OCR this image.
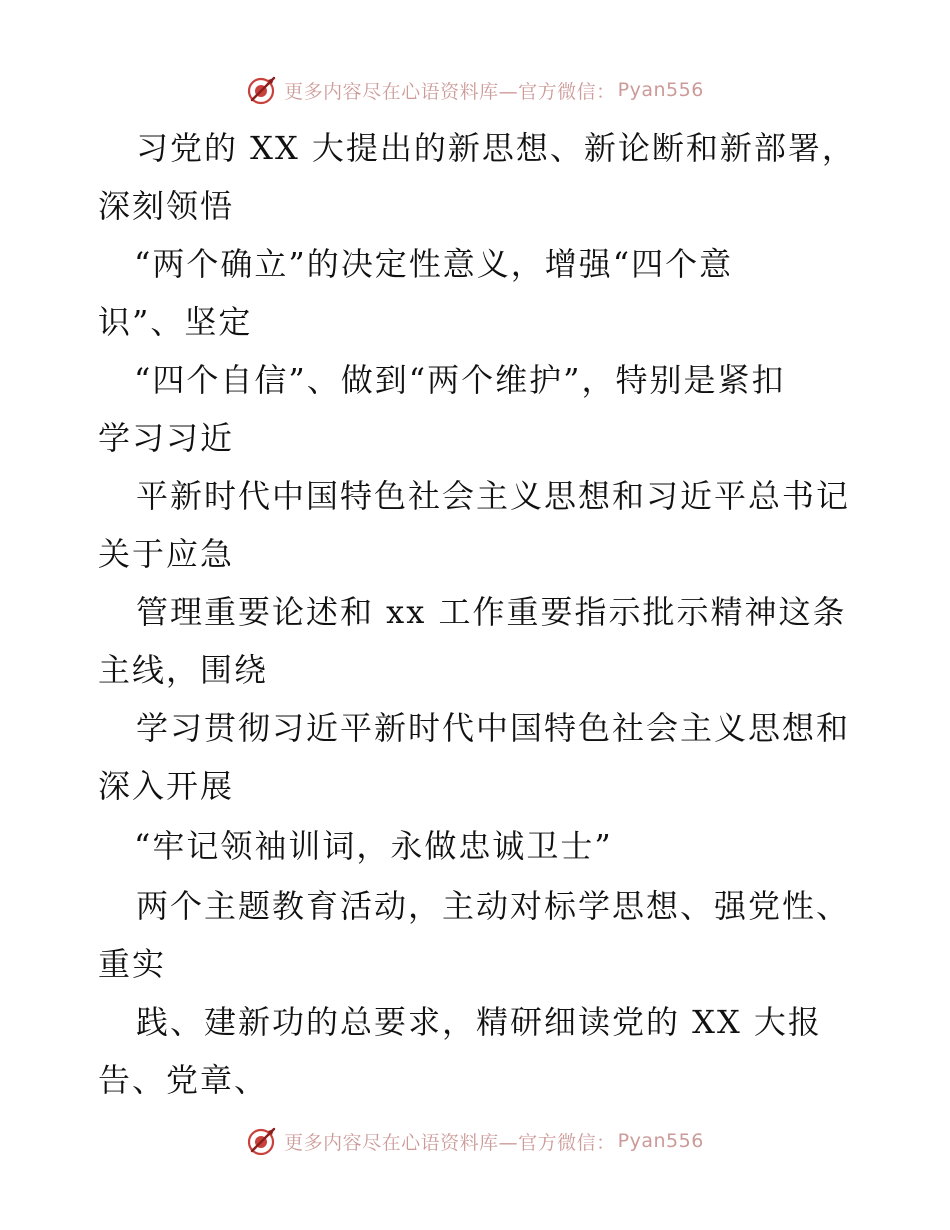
更多内容尽在心语资料库—官方微信： Pyan556
习党的 XX 大提出的新思想、新论断和新部署，
深刻领悟
“两个确立”的决定性意义，增强“四个意
识”、坚定
“四个自信”、做到“两个维护”，特别是紧扣
学习习近
平新时代中国特色社会主义思想和习近平总书记
关于应急
管理重要论述和 xx 工作重要指示批示精神这条
主线，围绕
学习贯彻习近平新时代中国特色社会主义思想和
深入开展
“牢记领袖训词，永做忠诚卫士”
两个主题教育活动，主动对标学思想、强党性、
重实
践、建新功的总要求，精研细读党的 XX 大报
告、党章、
更多内容尽在心语资料库—官方微信： Pyan556
